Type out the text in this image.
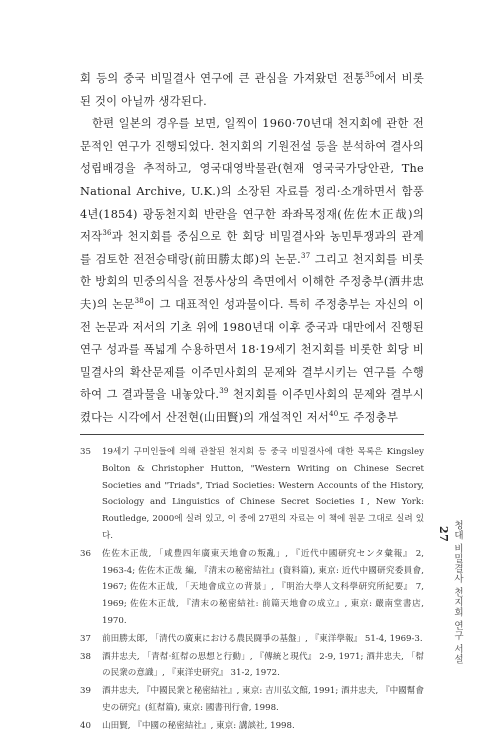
회 등의 중국 비밀결사 연구에 큰 관심을 가져왔던 전통$^{35}$에서 비롯된 것이 아닐까 생각된다.

한편 일본의 경우를 보면, 일찍이 1960·70년대 천지회에 관한 전문적인 연구가 진행되었다. 천지회의 기원전설 등을 분석하여 결사의 성립배경을 추적하고, 영국대영박물관(현재 영국국가당안관, The National Archive, U.K.)의 소장된 자료를 정리·소개하면서 함풍 4년(1854) 광동천지회 반란을 연구한 좌좌목정재(佐佐木正哉)의 저작$^{36}$과 천지회를 중심으로 한 회당 비밀결사와 농민투쟁과의 관계를 검토한 전전승태랑(前田勝太郞)의 논문.$^{37}$ 그리고 천지회를 비롯한 방회의 민중의식을 전통사상의 측면에서 이해한 주정충부(酒井忠夫)의 논문$^{38}$이 그 대표적인 성과물이다. 특히 주정충부는 자신의 이전 논문과 저서의 기초 위에 1980년대 이후 중국과 대만에서 진행된 연구 성과를 폭넓게 수용하면서 18·19세기 천지회를 비롯한 회당 비밀결사의 확산문제를 이주민사회의 문제와 결부시키는 연구를 수행하여 그 결과물을 내놓았다.$^{39}$ 천지회를 이주민사회의 문제와 결부시켰다는 시각에서 산전현(山田賢)의 개설적인 저서$^{40}$도 주정충부

35	19세기 구미인들에 의해 관찰된 천지회 등 중국 비밀결사에 대한 목록은 Kingsley Bolton & Christopher Hutton, "Western Writing on Chinese Secret Societies and "Triads", Triad Societies: Western Accounts of the History, Sociology and Linguistics of Chinese Secret Societies Ⅰ, New York: Routledge, 2000에 실려 있고, 이 중에 27편의 자료는 이 책에 원문 그대로 실려 있다.
36	佐佐木正哉, 「咸豊四年廣東天地會の叛亂」, 『近代中國研究センタ彙報』 2, 1963-4; 佐佐木正哉 編, 『清末の秘密結社』(資料篇), 東京: 近代中國研究委員會, 1967; 佐佐木正哉, 「天地會成立の背景」, 『明治大學人文科學研究所紀要』 7, 1969; 佐佐木正哉, 『清末の秘密結社: 前篇天地會の成立』, 東京: 嚴南堂書店, 1970.
37	前田勝太郞, 「清代の廣東における農民闘爭の基盤」, 『東洋學報』 51-4, 1969-3.
38	酒井忠夫, 「青幇·紅幇の思想と行動」, 『傳統と現代』 2-9, 1971; 酒井忠夫, 「幇の民衆の意識」, 『東洋史研究』 31-2, 1972.
39	酒井忠夫, 『中國民衆と秘密結社』, 東京: 吉川弘文館, 1991; 酒井忠夫, 『中國幫會史の研究』(紅幇篇), 東京: 國書刊行會, 1998.
40	山田賢, 『中國の秘密結社』, 東京: 講談社, 1998.
청대 비밀결사 천지회 연구 서설 27
